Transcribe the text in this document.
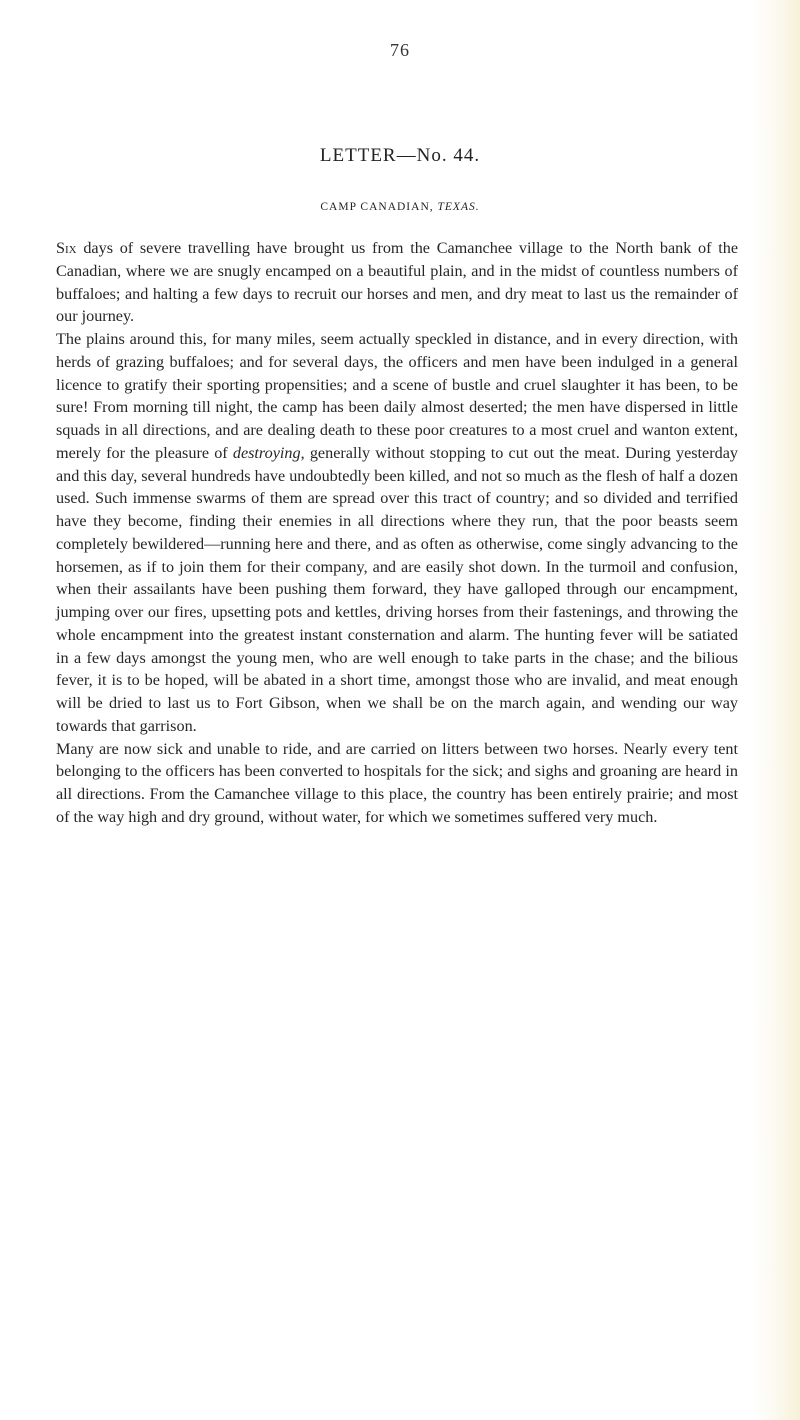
76
LETTER—No. 44.
CAMP CANADIAN, TEXAS.

Six days of severe travelling have brought us from the Camanchee village to the North bank of the Canadian, where we are snugly encamped on a beautiful plain, and in the midst of countless numbers of buffaloes; and halting a few days to recruit our horses and men, and dry meat to last us the remainder of our journey.

The plains around this, for many miles, seem actually speckled in distance, and in every direction, with herds of grazing buffaloes; and for several days, the officers and men have been indulged in a general licence to gratify their sporting propensities; and a scene of bustle and cruel slaughter it has been, to be sure! From morning till night, the camp has been daily almost deserted; the men have dispersed in little squads in all directions, and are dealing death to these poor creatures to a most cruel and wanton extent, merely for the pleasure of destroying, generally without stopping to cut out the meat. During yesterday and this day, several hundreds have undoubtedly been killed, and not so much as the flesh of half a dozen used. Such immense swarms of them are spread over this tract of country; and so divided and terrified have they become, finding their enemies in all directions where they run, that the poor beasts seem completely bewildered—running here and there, and as often as otherwise, come singly advancing to the horsemen, as if to join them for their company, and are easily shot down. In the turmoil and confusion, when their assailants have been pushing them forward, they have galloped through our encampment, jumping over our fires, upsetting pots and kettles, driving horses from their fastenings, and throwing the whole encampment into the greatest instant consternation and alarm. The hunting fever will be satiated in a few days amongst the young men, who are well enough to take parts in the chase; and the bilious fever, it is to be hoped, will be abated in a short time, amongst those who are invalid, and meat enough will be dried to last us to Fort Gibson, when we shall be on the march again, and wending our way towards that garrison.

Many are now sick and unable to ride, and are carried on litters between two horses. Nearly every tent belonging to the officers has been converted to hospitals for the sick; and sighs and groaning are heard in all directions. From the Camanchee village to this place, the country has been entirely prairie; and most of the way high and dry ground, without water, for which we sometimes suffered very much.
